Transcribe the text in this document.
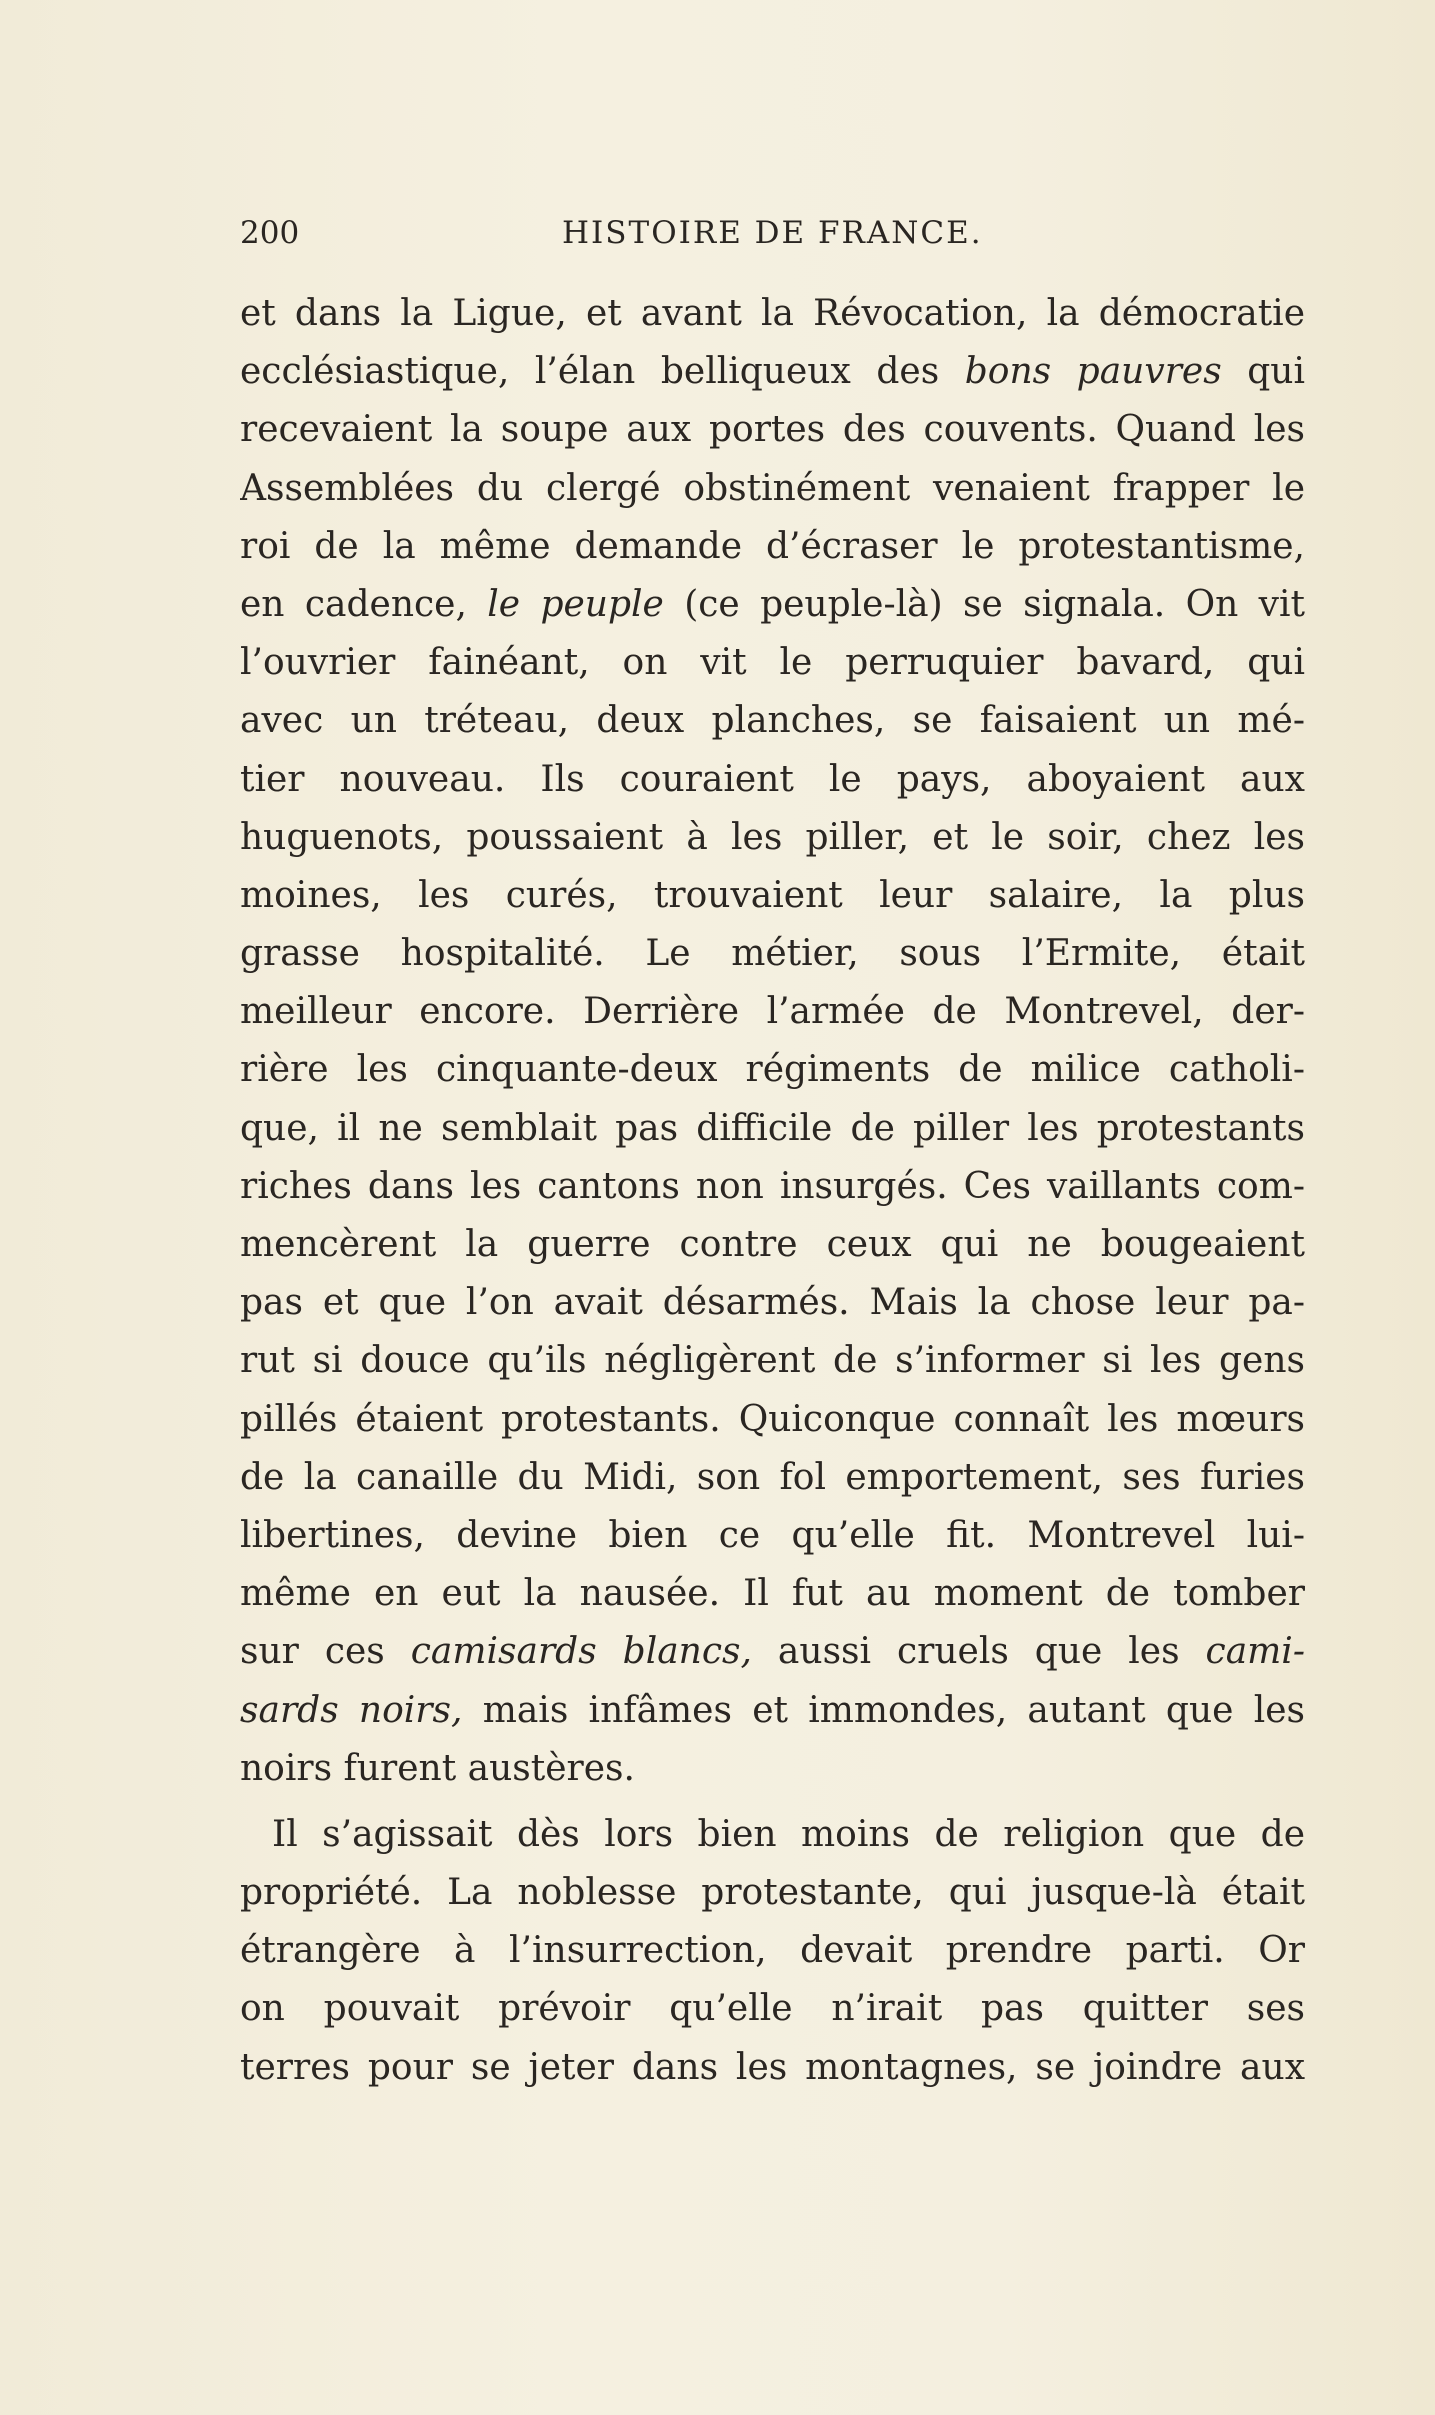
200	HISTOIRE DE FRANCE.
et dans la Ligue, et avant la Révocation, la démocratie
ecclésiastique, l’élan belliqueux des bons pauvres qui
recevaient la soupe aux portes des couvents. Quand les
Assemblées du clergé obstinément venaient frapper le
roi de la même demande d’écraser le protestantisme,
en cadence, le peuple (ce peuple-là) se signala. On vit
l’ouvrier fainéant, on vit le perruquier bavard, qui
avec un tréteau, deux planches, se faisaient un mé-
tier nouveau. Ils couraient le pays, aboyaient aux
huguenots, poussaient à les piller, et le soir, chez les
moines, les curés, trouvaient leur salaire, la plus
grasse hospitalité. Le métier, sous l’Ermite, était
meilleur encore. Derrière l’armée de Montrevel, der-
rière les cinquante-deux régiments de milice catholi-
que, il ne semblait pas difficile de piller les protestants
riches dans les cantons non insurgés. Ces vaillants com-
mencèrent la guerre contre ceux qui ne bougeaient
pas et que l’on avait désarmés. Mais la chose leur pa-
rut si douce qu’ils négligèrent de s’informer si les gens
pillés étaient protestants. Quiconque connaît les mœurs
de la canaille du Midi, son fol emportement, ses furies
libertines, devine bien ce qu’elle fit. Montrevel lui-
même en eut la nausée. Il fut au moment de tomber
sur ces camisards blancs, aussi cruels que les cami-
sards noirs, mais infâmes et immondes, autant que les
noirs furent austères.
Il s’agissait dès lors bien moins de religion que de
propriété. La noblesse protestante, qui jusque-là était
étrangère à l’insurrection, devait prendre parti. Or
on pouvait prévoir qu’elle n’irait pas quitter ses
terres pour se jeter dans les montagnes, se joindre aux
